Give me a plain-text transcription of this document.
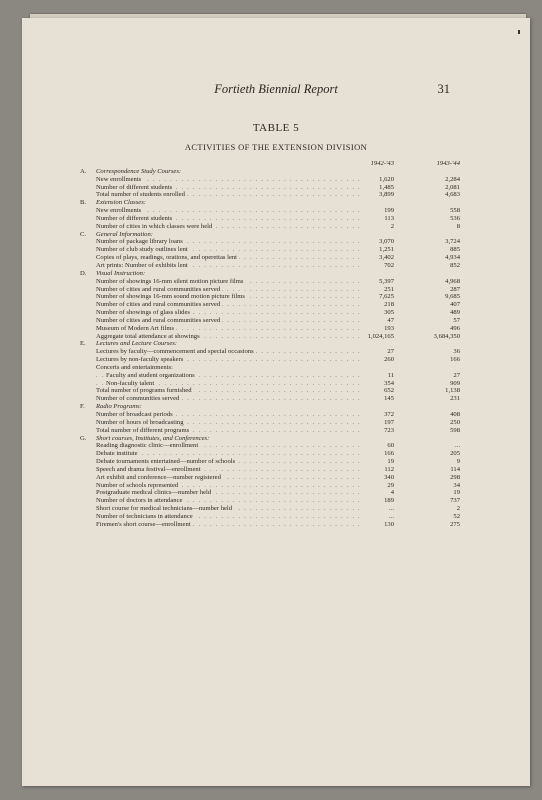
Fortieth Biennial Report	31
TABLE 5
ACTIVITIES OF THE EXTENSION DIVISION
1942-'43	1943-'44
A. Correspondence Study Courses:
. . .
New enrollments	1,620	2,284
. . .
Number of different students	1,485	2,081
. . .
Total number of students enrolled	3,899	4,683
B. Extension Classes:
. . .
New enrollments	199	558
. . .
Number of different students	113	536
. . .
Number of cities in which classes were held	2	8
C. General Information:
. . .
Number of package library loans	3,070	3,724
. . .
Number of club study outlines lent	1,251	885
. . .
Copies of plays, readings, orations, and operettas lent	3,402	4,934
. . .
Art prints: Number of exhibits lent	702	852
D. Visual Instruction:
. . .
Number of showings 16-mm silent motion picture films	5,397	4,968
. . .
Number of cities and rural communities served	251	287
. . .
Number of showings 16-mm sound motion picture films	7,625	9,685
. . .
Number of cities and rural communities served	218	407
. . .
Number of showings of glass slides	305	489
. . .
Number of cities and rural communities served	47	57
. . .
Museum of Modern Art films	193	496
. . .
Aggregate total attendance at showings	1,024,165	3,684,350
E. Lectures and Lecture Courses:
. . .
Lectures by faculty—commencement and special occasions	27	36
. . .
Lectures by non-faculty speakers	260	166
Concerts and entertainments:
. . .
Faculty and student organizations	11	27
. . .
Non-faculty talent	354	909
. . .
Total number of programs furnished	652	1,138
. . .
Number of communities served	145	231
F. Radio Programs:
. . .
Number of broadcast periods	372	408
. . .
Number of hours of broadcasting	197	250
. . .
Total number of different programs	723	598
G. Short courses, Institutes, and Conferences:
. . .
Reading diagnostic clinic—enrollment	60	...
. . .
Debate institute	166	205
. . .
Debate tournaments entertained—number of schools	19	9
. . .
Speech and drama festival—enrollment	112	114
. . .
Art exhibit and conference—number registered	340	298
. . .
Number of schools represented	29	34
. . .
Postgraduate medical clinics—number held	4	19
. . .
Number of doctors in attendance	189	737
. . .
Short course for medical technicians—number held	...	2
. . .
Number of technicians in attendance	...	52
. . .
Firemen's short course—enrollment	130	275
